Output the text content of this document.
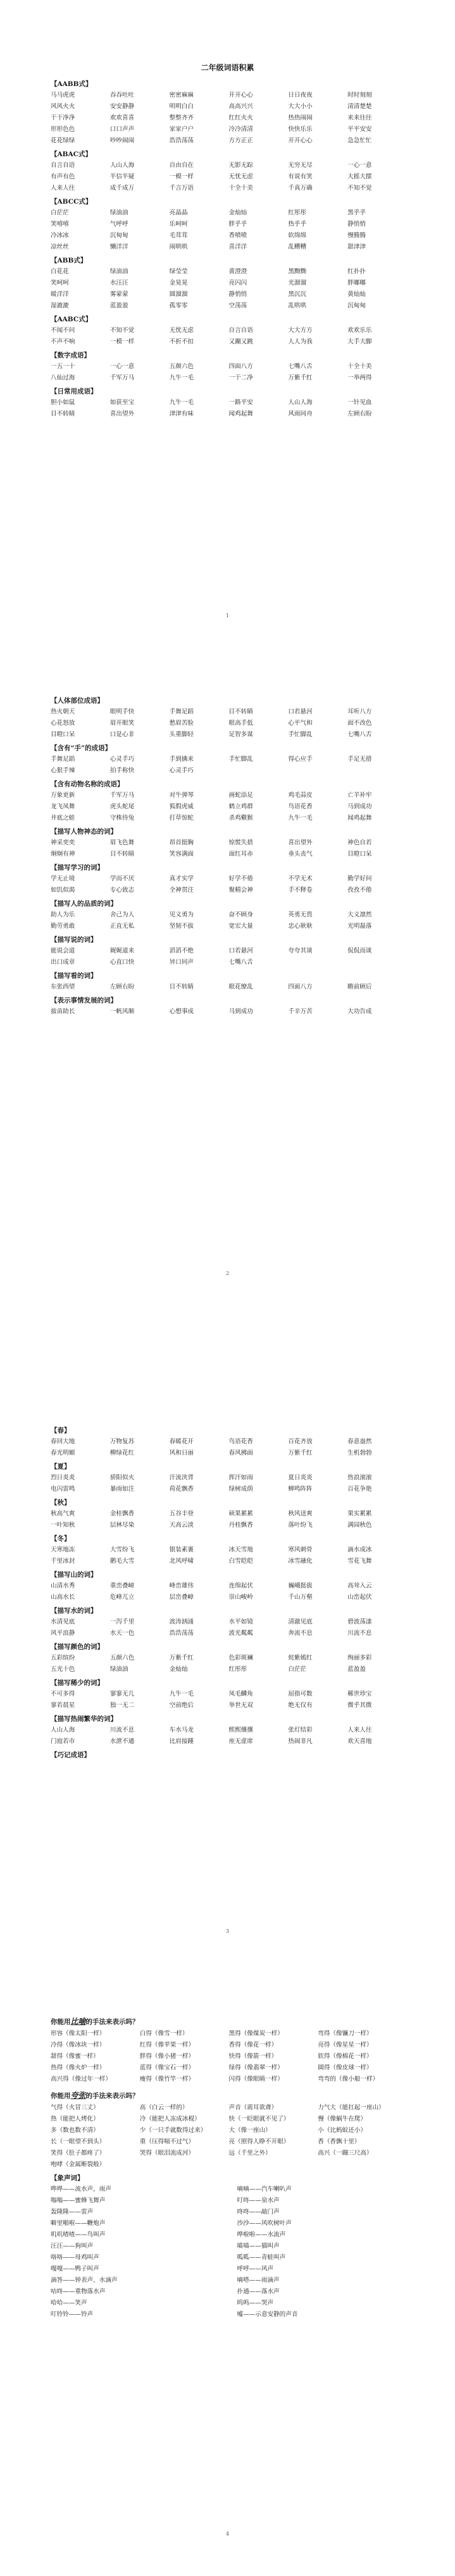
二年级词语积累
【AABB式】
马马虎虎	吞吞吐吐	密密麻麻	开开心心	日日夜夜	时时刻刻
风风火火	安安静静	明明白白	高高兴兴	大大小小	清清楚楚
干干净净	欢欢喜喜	整整齐齐	红红火火	热热闹闹	来来往往
形形色色	口口声声	家家户户	冷冷清清	快快乐乐	平平安安
花花绿绿	吵吵闹闹	浩浩荡荡	方方正正	开开心心	急急忙忙
【ABAC式】
自言自语	人山人海	自由自在	无影无踪	无穷无尽	一心一意
有声有色	半信半疑	一模一样	无忧无虑	有说有笑	大摇大摆
人来人往	成千成万	千言万语	十全十美	千真万确	不知不觉
【ABCC式】
白茫茫	绿油油	亮晶晶	金灿灿	红彤彤	黑乎乎
笑嘻嘻	气呼呼	乐呵呵	胖乎乎	热乎乎	静悄悄
冷冰冰	沉甸甸	毛茸茸	香喷喷	软绵绵	慢腾腾
凉丝丝	懒洋洋	闹哄哄	喜洋洋	乱糟糟	甜津津
【ABB式】
白花花	绿油油	绿莹莹	黄澄澄	黑黝黝	红扑扑
笑呵呵	水汪汪	金晃晃	亮闪闪	光溜溜	胖嘟嘟
暖洋洋	雾蒙蒙	圆溜溜	静悄悄	黑沉沉	黄灿灿
湿漉漉	蓝盈盈	孤零零	空荡荡	乱哄哄	沉甸甸
【AABC式】
不闻不问	不知不觉	无忧无虑	自言自语	大大方方	欢欢乐乐
不声不响	一模一样	不折不扣	又蹦又跳	人人为我	大手大脚
【数字成语】
一五一十	一心一意	五颜六色	四面八方	七嘴八舌	十全十美
八仙过海	千军万马	九牛一毛	一干二净	万紫千红	一举两得
【日常用成语】
胆小如鼠	如获至宝	九牛一毛	一路平安	人山人海	一针见血
目不转睛	喜出望外	津津有味	闻鸡起舞	风雨同舟	左顾右盼
1
【人体部位成语】
热火朝天	眼明手快	手舞足蹈	目不转睛	口若悬河	耳听八方
心花怒放	眉开眼笑	愁眉苦脸	眼高手低	心平气和	面不改色
目瞪口呆	口是心非	头重脚轻	足智多谋	手忙脚乱	七嘴八舌
【含有“手”的成语】
手舞足蹈	心灵手巧	手到擒来	手忙脚乱	得心应手	手足无措
心狠手辣	拍手称快	心灵手巧
【含有动物名称的成语】
万象更新	千军万马	对牛弹琴	画蛇添足	鸡毛蒜皮	亡羊补牢
龙飞凤舞	虎头蛇尾	狐假虎威	鹤立鸡群	鸟语花香	马到成功
井底之蛙	守株待兔	打草惊蛇	杀鸡儆猴	九牛一毛	闻鸡起舞
【描写人物神态的词】
神采奕奕	眉飞色舞	昂首挺胸	惊慌失措	喜出望外	神色自若
炯炯有神	目不转睛	笑容满面	面红耳赤	垂头丧气	目瞪口呆
【描写学习的词】
学无止境	学而不厌	真才实学	好学不倦	不学无术	勤学好问
如饥似渴	专心致志	全神贯注	聚精会神	手不释卷	孜孜不倦
【描写人的品质的词】
助人为乐	舍己为人	见义勇为	奋不顾身	英勇无畏	大义凛然
勤劳勇敢	正直无私	坚韧不拔	宽宏大量	忠心耿耿	光明磊落
【描写说的词】
能说会道	娓娓道来	滔滔不绝	口若悬河	夸夸其谈	侃侃而谈
出口成章	心直口快	异口同声	七嘴八舌
【描写看的词】
东张西望	左顾右盼	目不转睛	眼花缭乱	四面八方	瞻前顾后
【表示事情发展的词】
拔苗助长	一帆风顺	心想事成	马到成功	千辛万苦	大功告成
2
【春】
春回大地	万物复苏	春暖花开	鸟语花香	百花齐放	春意盎然
春光明媚	柳绿花红	风和日丽	春风拂面	万紫千红	生机勃勃
【夏】
烈日炎炎	骄阳似火	汗流浃背	挥汗如雨	夏日炎炎	热浪滚滚
电闪雷鸣	暴雨如注	荷花飘香	绿树成荫	蝉鸣阵阵	百花争艳
【秋】
秋高气爽	金桂飘香	五谷丰登	硕果累累	秋风送爽	果实累累
一叶知秋	层林尽染	天高云淡	丹桂飘香	落叶纷飞	满园秋色
【冬】
天寒地冻	大雪纷飞	银装素裹	冰天雪地	寒风刺骨	滴水成冰
千里冰封	鹅毛大雪	北风呼啸	白雪皑皑	冰雪融化	雪花飞舞
【描写山的词】
山清水秀	重峦叠嶂	峰峦雄伟	连绵起伏	巍峨挺拔	高耸入云
山高水长	危峰兀立	层峦叠嶂	崇山峻岭	千山万壑	山峦起伏
【描写水的词】
水清见底	一泻千里	波涛汹涌	水平如镜	清澈见底	碧波荡漾
风平浪静	水天一色	浩浩荡荡	波光粼粼	奔流不息	川流不息
【描写颜色的词】
五彩缤纷	五颜六色	万紫千红	色彩斑斓	姹紫嫣红	绚丽多彩
五光十色	绿油油	金灿灿	红彤彤	白茫茫	蓝盈盈
【描写稀少的词】
不可多得	寥寥无几	九牛一毛	凤毛麟角	屈指可数	稀世珍宝
寥若晨星	独一无二	空前绝后	举世无双	绝无仅有	微乎其微
【描写热闹繁华的词】
人山人海	川流不息	车水马龙	熙熙攘攘	张灯结彩	人来人往
门庭若市	水泄不通	比肩接踵	座无虚席	热闹非凡	欢天喜地
【巧记成语】
3
你能用比喻的手法来表示吗？
形容（像太阳一样）	白得（像雪一样）	黑得（像煤炭一样）	弯得（像镰刀一样）
冷得（像冰块一样）	红得（像苹果一样）	香得（像花一样）	亮得（像星星一样）
甜得（像蜜一样）	胖得（像小猪一样）	快得（像箭一样）	软得（像棉花一样）
热得（像火炉一样）	蓝得（像宝石一样）	绿得（像翡翠一样）	圆得（像皮球一样）
高兴得（像过年一样）	瘦得（像竹竿一样）	闪得（像眼睛一样）	弯弯的（像小船一样）
你能用夸张的手法来表示吗？
气得（火冒三丈）	高（白云一样的）	声音（震耳欲聋）	力气大（能扛起一座山）
热（能把人烤化）	冷（能把人冻成冰棍）	快（一眨眼就不见了）	慢（像蜗牛在爬）
多（数也数不清）	少（一只手就数得过来）	大（像一座山）	小（比蚂蚁还小）
长（一眼望不到头）	重（压得喘不过气）	亮（照得人睁不开眼）	香（香飘十里）
笑得（肚子都疼了）	哭得（眼泪流成河）	远（千里之外）	高兴（一蹦三尺高）
咆哮（金属断裂般）
【象声词】
哗哗——流水声，雨声	嘀嘀——汽车喇叭声
嗡嗡——蜜蜂飞舞声	叮咚——泉水声
轰隆隆——雷声	咚咚——敲门声
噼里啪啦——鞭炮声	沙沙——风吹树叶声
叽叽喳喳——鸟叫声	哗啦啦——水流声
汪汪——狗叫声	喵喵——猫叫声
咯咯——母鸡叫声	呱呱——青蛙叫声
嘎嘎——鸭子叫声	呼呼——风声
滴答——钟表声、水滴声	嘀嗒——雨滴声
咕咚——重物落水声	扑通——落水声
哈哈——笑声	呜呜——哭声
叮铃铃——铃声	嘘——示意安静的声音
4
